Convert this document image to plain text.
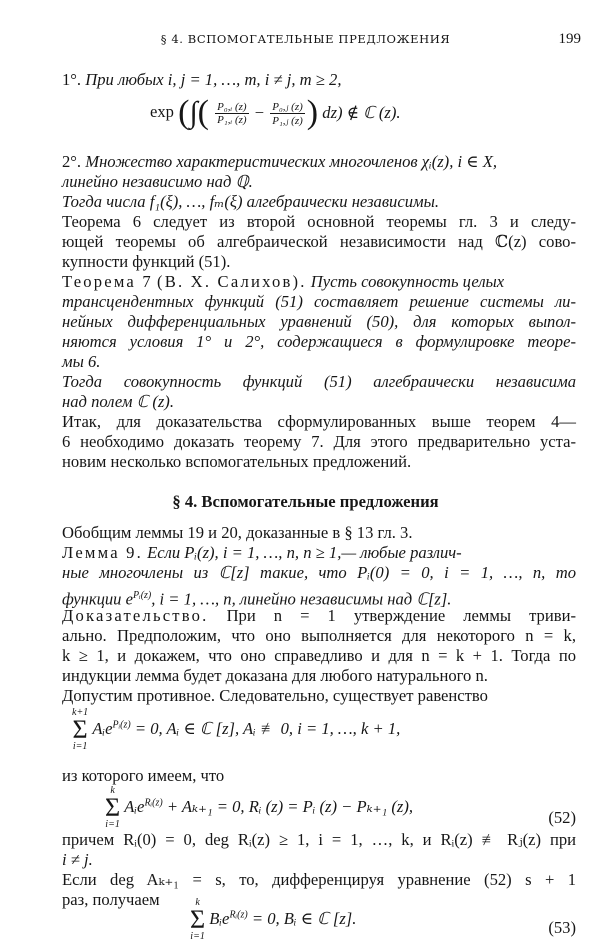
§ 4. ВСПОМОГАТЕЛЬНЫЕ ПРЕДЛОЖЕНИЯ	199
1°. При любых i, j = 1, …, m, i ≠ j, m ≥ 2,
exp (∫( $\frac{\text{P₀,ᵢ (z)}}{\text{P₁,ᵢ (z)}} - \frac{\text{P₀,ⱼ (z)}}{\text{P₁,ⱼ (z)}}$ ) dz) ∉ ℂ (z).
2°. Множество характеристических многочленов χᵢ(z), i ∈ X,
линейно независимо над ℚ.
Тогда числа f₁(ξ), …, fₘ(ξ) алгебраически независимы.
Теорема 6 следует из второй основной теоремы гл. 3 и следу-
ющей теоремы об алгебраической независимости над ℂ(z) сово-
купности функций (51).
Теорема 7 (В. Х. Салихов). Пусть совокупность целых
трансцендентных функций (51) составляет решение системы ли-
нейных дифференциальных уравнений (50), для которых выпол-
няются условия 1° и 2°, содержащиеся в формулировке теоре-
мы 6.
Тогда совокупность функций (51) алгебраически независима
над полем ℂ (z).
Итак, для доказательства сформулированных выше теорем 4—
6 необходимо доказать теорему 7. Для этого предварительно уста-
новим несколько вспомогательных предложений.
§ 4. Вспомогательные предложения
Обобщим леммы 19 и 20, доказанные в § 13 гл. 3.
Лемма 9. Если Pᵢ(z), i = 1, …, n, n ≥ 1,— любые различ-
ные многочлены из ℂ[z] такие, что Pᵢ(0) = 0, i = 1, …, n, то
функции $e^{Pᵢ(z)}$, i = 1, …, n, линейно независимы над ℂ[z].
Доказательство. При n = 1 утверждение леммы триви-
ально. Предположим, что оно выполняется для некоторого n = k,
k ≥ 1, и докажем, что оно справедливо и для n = k + 1. Тогда по
индукции лемма будет доказана для любого натурального n.
Допустим противное. Следовательно, существует равенство
k+1
Σ
i=1
Aᵢe$^{Pᵢ(z)}$ = 0, Aᵢ ∈ ℂ [z], Aᵢ ≢ 0, i = 1, …, k + 1,
из которого имеем, что
k
Σ
i=1
Aᵢe$^{Rᵢ(z)}$ + Aₖ₊₁ = 0, Rᵢ (z) = Pᵢ (z) − Pₖ₊₁ (z),
(52)
причем Rᵢ(0) = 0, deg Rᵢ(z) ≥ 1, i = 1, …, k, и Rᵢ(z) ≢ Rⱼ(z) при
i ≠ j.
Если deg Aₖ₊₁ = s, то, дифференцируя уравнение (52) s + 1
раз, получаем	k
Σ
i=1
Bᵢe$^{Rᵢ(z)}$ = 0, Bᵢ ∈ ℂ [z].	(53)
